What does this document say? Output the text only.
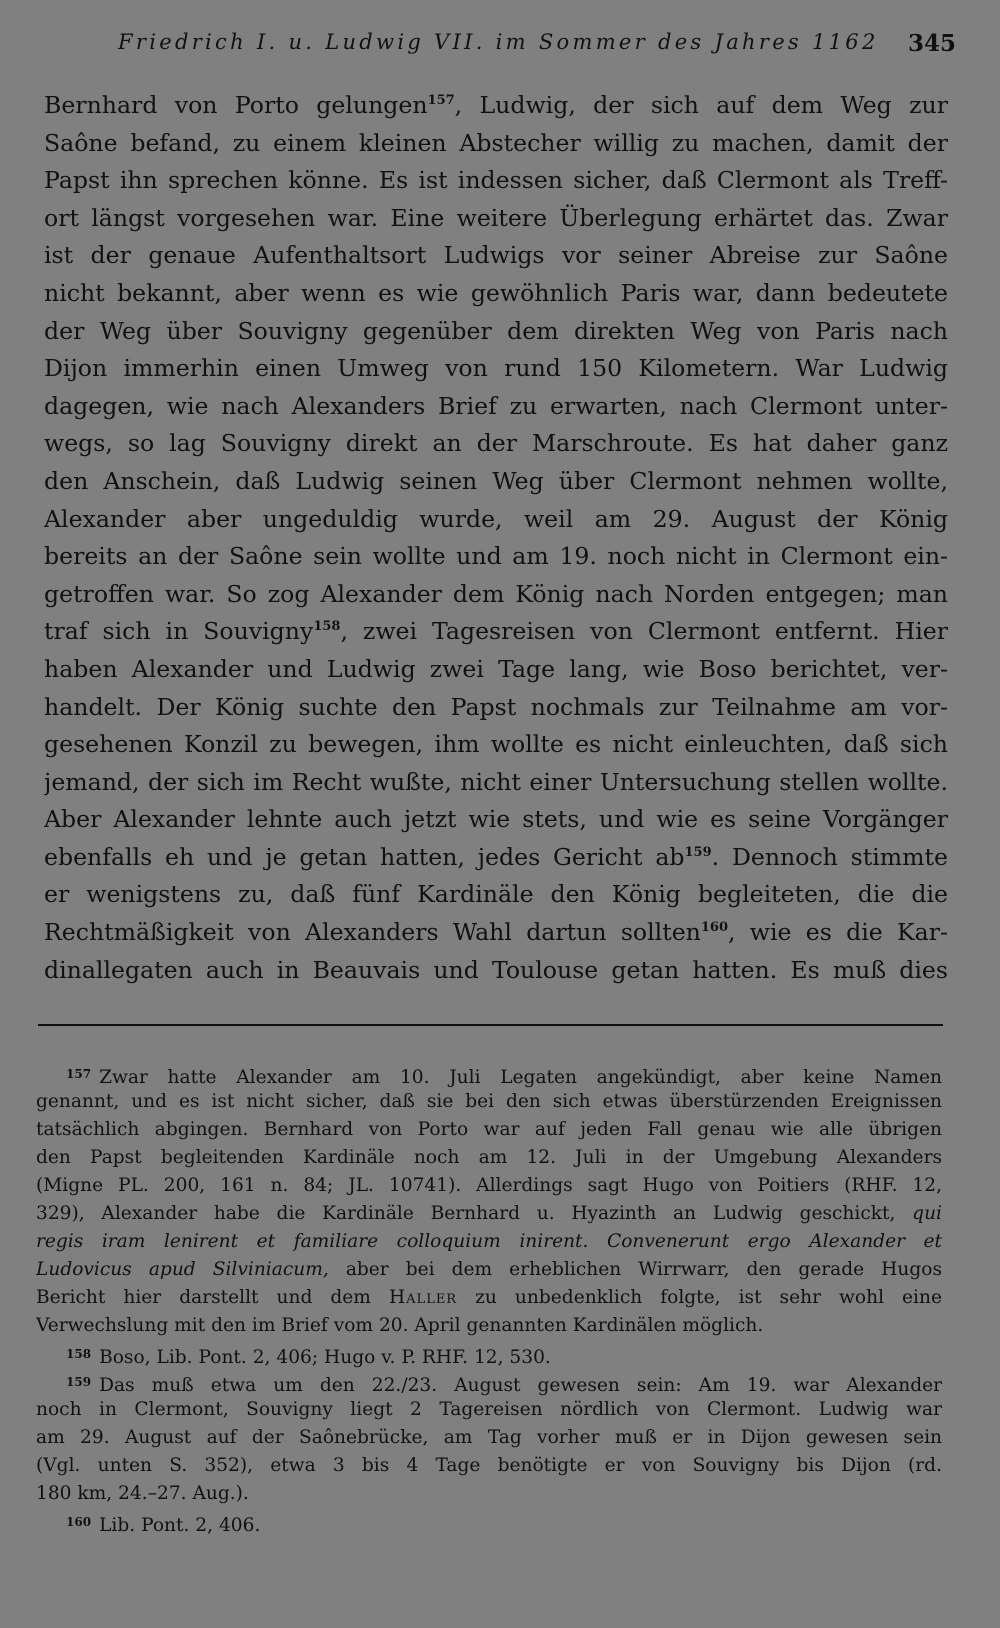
Friedrich I. u. Ludwig VII. im Sommer des Jahres 1162 345
Bernhard von Porto gelungen$^{157}$, Ludwig, der sich auf dem Weg zur
Saône befand, zu einem kleinen Abstecher willig zu machen, damit der
Papst ihn sprechen könne. Es ist indessen sicher, daß Clermont als Treff-
ort längst vorgesehen war. Eine weitere Überlegung erhärtet das. Zwar
ist der genaue Aufenthaltsort Ludwigs vor seiner Abreise zur Saône
nicht bekannt, aber wenn es wie gewöhnlich Paris war, dann bedeutete
der Weg über Souvigny gegenüber dem direkten Weg von Paris nach
Dijon immerhin einen Umweg von rund 150 Kilometern. War Ludwig
dagegen, wie nach Alexanders Brief zu erwarten, nach Clermont unter-
wegs, so lag Souvigny direkt an der Marschroute. Es hat daher ganz
den Anschein, daß Ludwig seinen Weg über Clermont nehmen wollte,
Alexander aber ungeduldig wurde, weil am 29. August der König
bereits an der Saône sein wollte und am 19. noch nicht in Clermont ein-
getroffen war. So zog Alexander dem König nach Norden entgegen; man
traf sich in Souvigny$^{158}$, zwei Tagesreisen von Clermont entfernt. Hier
haben Alexander und Ludwig zwei Tage lang, wie Boso berichtet, ver-
handelt. Der König suchte den Papst nochmals zur Teilnahme am vor-
gesehenen Konzil zu bewegen, ihm wollte es nicht einleuchten, daß sich
jemand, der sich im Recht wußte, nicht einer Untersuchung stellen wollte.
Aber Alexander lehnte auch jetzt wie stets, und wie es seine Vorgänger
ebenfalls eh und je getan hatten, jedes Gericht ab$^{159}$. Dennoch stimmte
er wenigstens zu, daß fünf Kardinäle den König begleiteten, die die
Rechtmäßigkeit von Alexanders Wahl dartun sollten$^{160}$, wie es die Kar-
dinallegaten auch in Beauvais und Toulouse getan hatten. Es muß dies
$^{157}$ Zwar hatte Alexander am 10. Juli Legaten angekündigt, aber keine Namen
genannt, und es ist nicht sicher, daß sie bei den sich etwas überstürzenden Ereignissen
tatsächlich abgingen. Bernhard von Porto war auf jeden Fall genau wie alle übrigen
den Papst begleitenden Kardinäle noch am 12. Juli in der Umgebung Alexanders
(Migne PL. 200, 161 n. 84; JL. 10741). Allerdings sagt Hugo von Poitiers (RHF. 12,
329), Alexander habe die Kardinäle Bernhard u. Hyazinth an Ludwig geschickt, qui
regis iram lenirent et familiare colloquium inirent. Convenerunt ergo Alexander et
Ludovicus apud Silviniacum, aber bei dem erheblichen Wirrwarr, den gerade Hugos
Bericht hier darstellt und dem Haller zu unbedenklich folgte, ist sehr wohl eine
Verwechslung mit den im Brief vom 20. April genannten Kardinälen möglich.
$^{158}$ Boso, Lib. Pont. 2, 406; Hugo v. P. RHF. 12, 530.
$^{159}$ Das muß etwa um den 22./23. August gewesen sein: Am 19. war Alexander
noch in Clermont, Souvigny liegt 2 Tagereisen nördlich von Clermont. Ludwig war
am 29. August auf der Saônebrücke, am Tag vorher muß er in Dijon gewesen sein
(Vgl. unten S. 352), etwa 3 bis 4 Tage benötigte er von Souvigny bis Dijon (rd.
180 km, 24.–27. Aug.).
$^{160}$ Lib. Pont. 2, 406.
